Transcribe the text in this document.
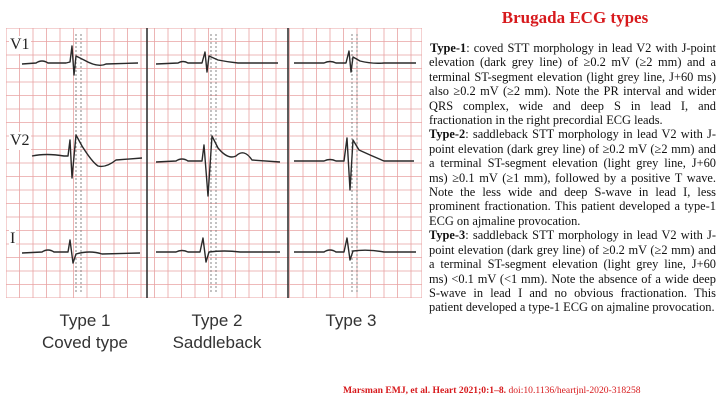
V1
V2
I
Type 1
Coved type
Type 2
Saddleback
Type 3
Brugada ECG types

Type-1: coved STT morphology in lead V2 with J-point elevation (dark grey line) of ≥0.2 mV (≥2 mm) and a terminal ST-segment elevation (light grey line, J+60 ms) also ≥0.2 mV (≥2 mm). Note the PR interval and wider QRS complex, wide and deep S in lead I, and fractionation in the right precordial ECG leads.

Type-2: saddleback STT morphology in lead V2 with J-point elevation (dark grey line) of ≥0.2 mV (≥2 mm) and a terminal ST-segment elevation (light grey line, J+60 ms) ≥0.1 mV (≥1 mm), followed by a positive T wave. Note the less wide and deep S-wave in lead I, less prominent fractionation. This patient developed a type-1 ECG on ajmaline provocation.

Type-3: saddleback STT morphology in lead V2 with J-point elevation (dark grey line) of ≥0.2 mV (≥2 mm) and a terminal ST-segment elevation (light grey line, J+60 ms) <0.1 mV (<1 mm). Note the absence of a wide deep S-wave in lead I and no obvious fractionation. This patient developed a type-1 ECG on ajmaline provocation.

Marsman EMJ, et al. Heart 2021;0:1–8. doi:10.1136/heartjnl-2020-318258
